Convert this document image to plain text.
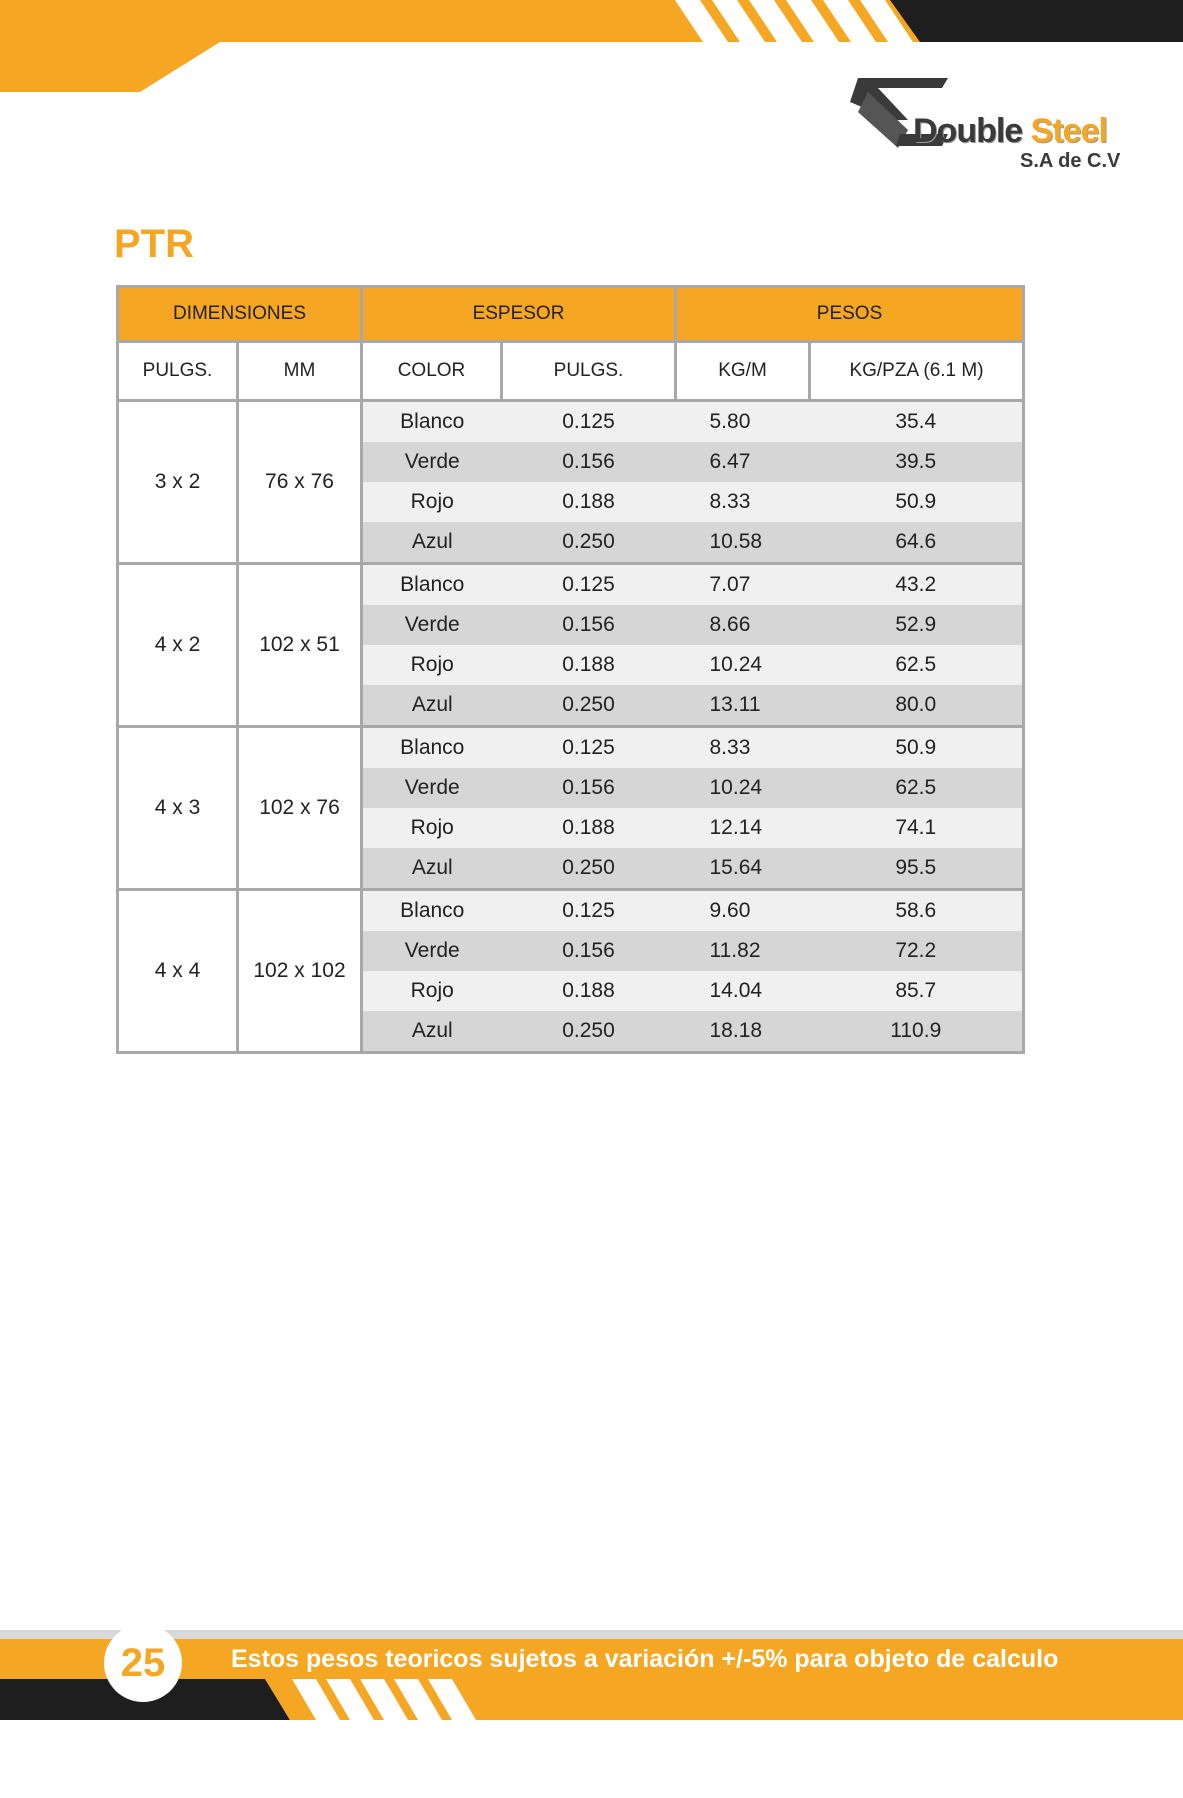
Double Steel
S.A de C.V
PTR
DIMENSIONES		ESPESOR		PESOS	
PULGS.	MM	COLOR	PULGS.	KG/M	KG/PZA (6.1 M)
3 x 2	76 x 76	Blanco	0.125	5.80	35.4
		Verde	0.156	6.47	39.5
		Rojo	0.188	8.33	50.9
		Azul	0.250	10.58	64.6
4 x 2	102 x 51	Blanco	0.125	7.07	43.2
		Verde	0.156	8.66	52.9
		Rojo	0.188	10.24	62.5
		Azul	0.250	13.11	80.0
4 x 3	102 x 76	Blanco	0.125	8.33	50.9
		Verde	0.156	10.24	62.5
		Rojo	0.188	12.14	74.1
		Azul	0.250	15.64	95.5
4 x 4	102 x 102	Blanco	0.125	9.60	58.6
		Verde	0.156	11.82	72.2
		Rojo	0.188	14.04	85.7
		Azul	0.250	18.18	110.9
25	Estos pesos teoricos sujetos a variación +/-5% para objeto de calculo
